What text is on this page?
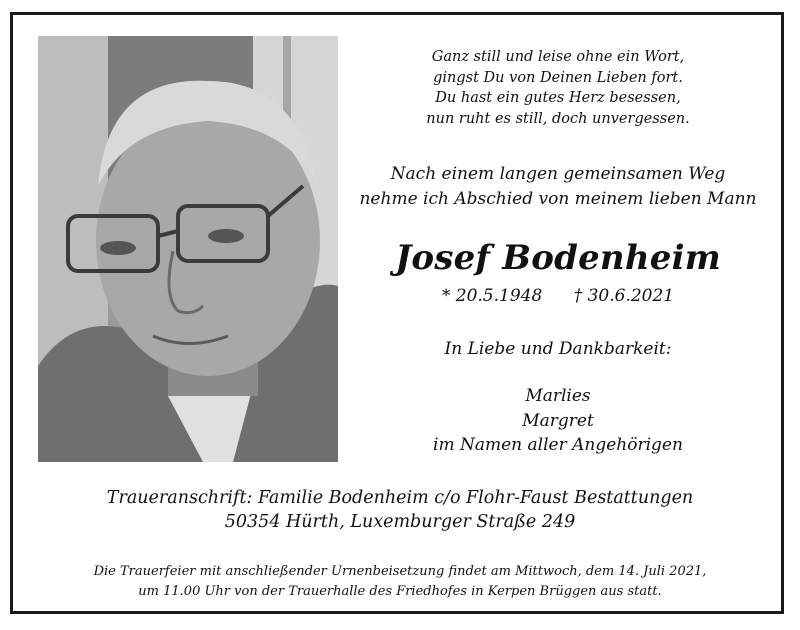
Ganz still und leise ohne ein Wort,
gingst Du von Deinen Lieben fort.
Du hast ein gutes Herz besessen,
nun ruht es still, doch unvergessen.
Nach einem langen gemeinsamen Weg
nehme ich Abschied von meinem lieben Mann
Josef Bodenheim
* 20.5.1948 † 30.6.2021
In Liebe und Dankbarkeit:
Marlies
Margret
im Namen aller Angehörigen
Traueranschrift: Familie Bodenheim c/o Flohr-Faust Bestattungen
50354 Hürth, Luxemburger Straße 249
Die Trauerfeier mit anschließender Urnenbeisetzung findet am Mittwoch, dem 14. Juli 2021,
um 11.00 Uhr von der Trauerhalle des Friedhofes in Kerpen Brüggen aus statt.
